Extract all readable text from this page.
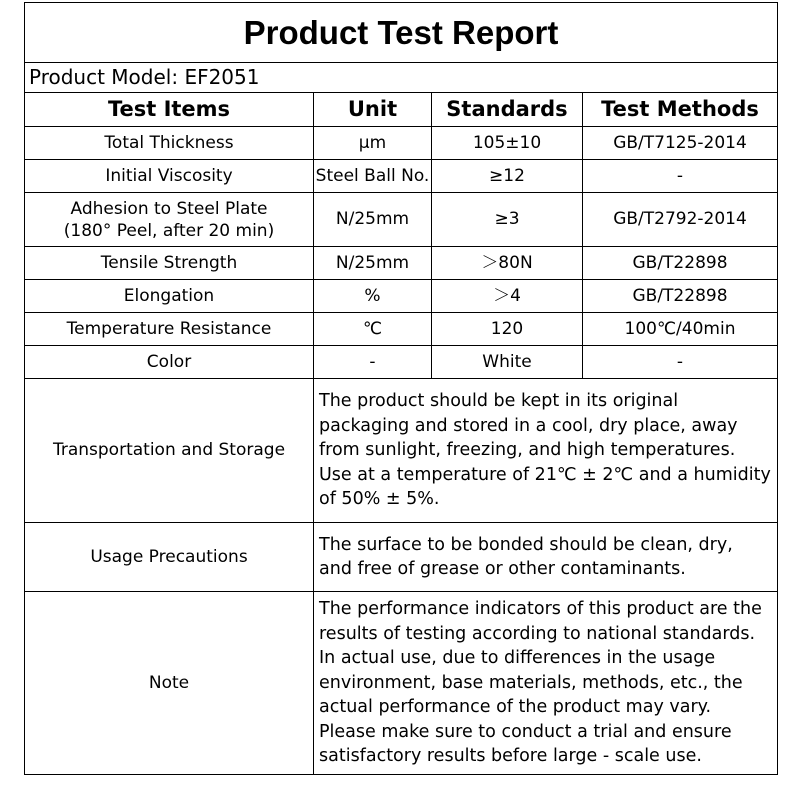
Product Test Report			
Product Model: EF2051			
Test Items	Unit	Standards	Test Methods
Total Thickness	μm	105±10	GB/T7125-2014
Initial Viscosity	Steel Ball No.	≥12	-

Adhesion to Steel Plate
(180° Peel, after 20 min)	N/25mm	≥3	GB/T2792-2014
Tensile Strength	N/25mm	＞80N	GB/T22898
Elongation	%	＞4	GB/T22898
Temperature Resistance	℃	120	100℃/40min
Color	-	White	-
Transportation and Storage	The product should be kept in its original packaging and stored in a cool, dry place, away from sunlight, freezing, and high temperatures. Use at a temperature of 21℃ ± 2℃ and a humidity of 50% ± 5%.		
Usage Precautions	The surface to be bonded should be clean, dry, and free of grease or other contaminants.		
Note	The performance indicators of this product are the results of testing according to national standards. In actual use, due to differences in the usage environment, base materials, methods, etc., the actual performance of the product may vary. Please make sure to conduct a trial and ensure satisfactory results before large - scale use.		
